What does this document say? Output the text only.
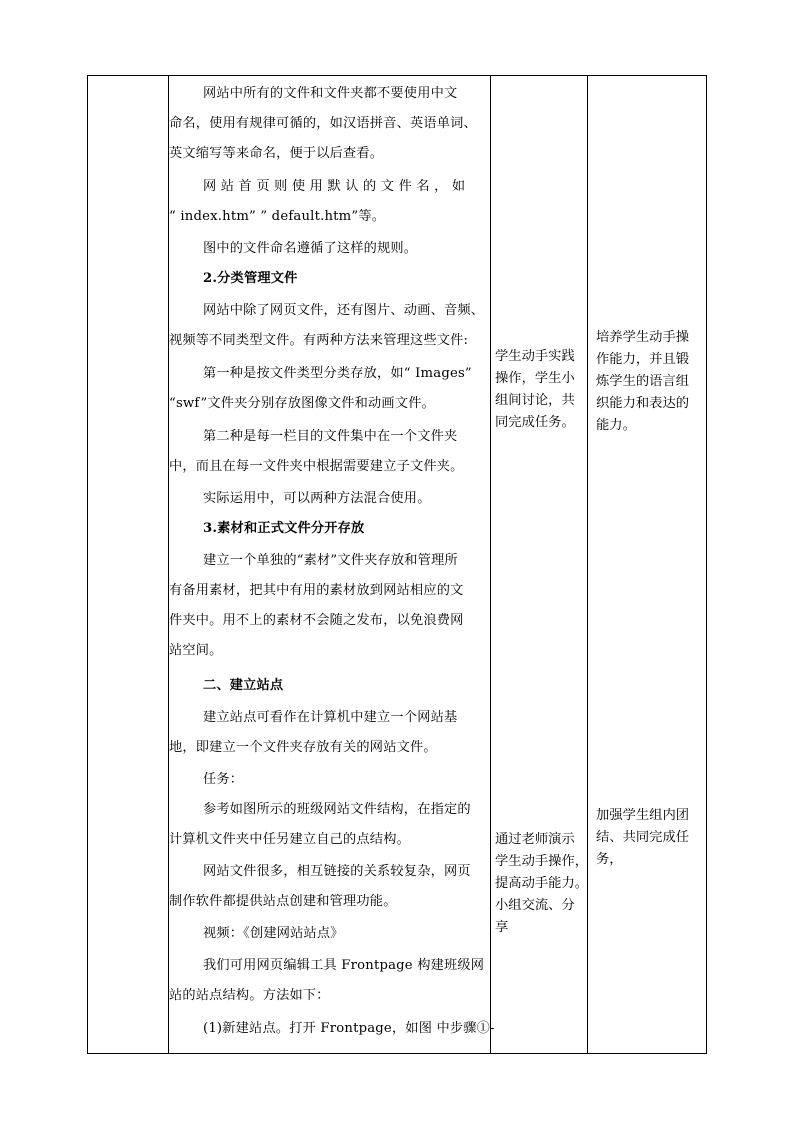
网站中所有的文件和文件夹都不要使用中文
命名，使用有规律可循的，如汉语拼音、英语单词、
英文缩写等来命名，便于以后查看。
网 站 首 页 则 使 用 默 认 的 文 件 名 ， 如
“ index.htm” ” default.htm”等。
图中的文件命名遵循了这样的规则。
2.分类管理文件
网站中除了网页文件，还有图片、动画、音频、
视频等不同类型文件。有两种方法来管理这些文件:
第一种是按文件类型分类存放，如“ Images”
“swf”文件夹分别存放图像文件和动画文件。
第二种是每一栏目的文件集中在一个文件夹
中，而且在每一文件夹中根据需要建立子文件夹。
实际运用中，可以两种方法混合使用。
3.素材和正式文件分开存放
建立一个单独的“素材”文件夹存放和管理所
有备用素材，把其中有用的素材放到网站相应的文
件夹中。用不上的素材不会随之发布，以免浪费网
站空间。
二、建立站点
建立站点可看作在计算机中建立一个网站基
地，即建立一个文件夹存放有关的网站文件。
任务：
参考如图所示的班级网站文件结构，在指定的
计算机文件夹中任另建立自己的点结构。
网站文件很多，相互链接的关系较复杂，网页
制作软件都提供站点创建和管理功能。
视频：《创建网站站点》
我们可用网页编辑工具 Frontpage 构建班级网
站的站点结构。方法如下：
(1)新建站点。打开 Frontpage，如图 中步骤①-
学生动手实践
操作，学生小
组间讨论，共
同完成任务。
培养学生动手操
作能力，并且锻
炼学生的语言组
织能力和表达的
能力。
通过老师演示
学生动手操作，
提高动手能力。
小组交流、分
享
加强学生组内团
结、共同完成任
务，
